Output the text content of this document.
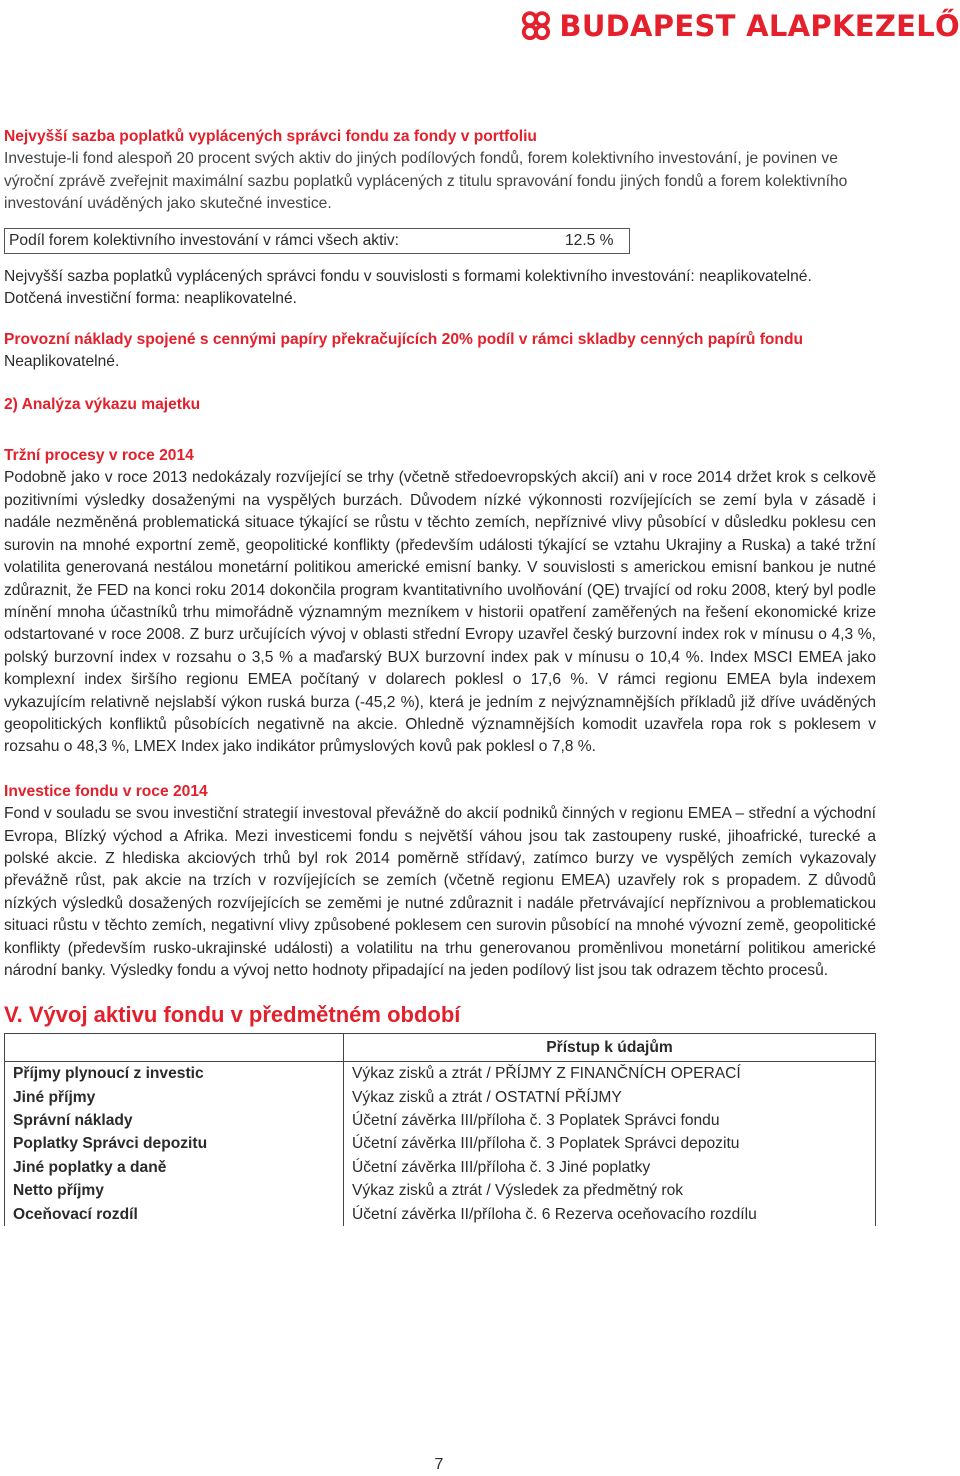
BUDAPEST ALAPKEZELŐ

Nejvyšší sazba poplatků vyplácených správci fondu za fondy v portfoliu

Investuje-li fond alespoň 20 procent svých aktiv do jiných podílových fondů, forem kolektivního investování, je povinen ve výroční zprávě zveřejnit maximální sazbu poplatků vyplácených z titulu spravování fondu jiných fondů a forem kolektivního investování uváděných jako skutečné investice.

Podíl forem kolektivního investování v rámci všech aktiv:	12.5 %

Nejvyšší sazba poplatků vyplácených správci fondu v souvislosti s formami kolektivního investování: neaplikovatelné.

Dotčená investiční forma: neaplikovatelné.

Provozní náklady spojené s cennými papíry překračujících 20% podíl v rámci skladby cenných papírů fondu

Neaplikovatelné.

2) Analýza výkazu majetku

Tržní procesy v roce 2014

Podobně jako v roce 2013 nedokázaly rozvíjející se trhy (včetně středoevropských akcií) ani v roce 2014 držet krok s celkově pozitivními výsledky dosaženými na vyspělých burzách. Důvodem nízké výkonnosti rozvíjejících se zemí byla v zásadě i nadále nezměněná problematická situace týkající se růstu v těchto zemích, nepříznivé vlivy působící v důsledku poklesu cen surovin na mnohé exportní země, geopolitické konflikty (především události týkající se vztahu Ukrajiny a Ruska) a také tržní volatilita generovaná nestálou monetární politikou americké emisní banky. V souvislosti s americkou emisní bankou je nutné zdůraznit, že FED na konci roku 2014 dokončila program kvantitativního uvolňování (QE) trvající od roku 2008, který byl podle mínění mnoha účastníků trhu mimořádně významným mezníkem v historii opatření zaměřených na řešení ekonomické krize odstartované v roce 2008. Z burz určujících vývoj v oblasti střední Evropy uzavřel český burzovní index rok v mínusu o 4,3 %, polský burzovní index v rozsahu o 3,5 % a maďarský BUX burzovní index pak v mínusu o 10,4 %. Index MSCI EMEA jako komplexní index širšího regionu EMEA počítaný v dolarech poklesl o 17,6 %. V rámci regionu EMEA byla indexem vykazujícím relativně nejslabší výkon ruská burza (-45,2 %), která je jedním z nejvýznamnějších příkladů již dříve uváděných geopolitických konfliktů působících negativně na akcie. Ohledně významnějších komodit uzavřela ropa rok s poklesem v rozsahu o 48,3 %, LMEX Index jako indikátor průmyslových kovů pak poklesl o 7,8 %.

Investice fondu v roce 2014

Fond v souladu se svou investiční strategií investoval převážně do akcií podniků činných v regionu EMEA – střední a východní Evropa, Blízký východ a Afrika. Mezi investicemi fondu s největší váhou jsou tak zastoupeny ruské, jihoafrické, turecké a polské akcie. Z hlediska akciových trhů byl rok 2014 poměrně střídavý, zatímco burzy ve vyspělých zemích vykazovaly převážně růst, pak akcie na trzích v rozvíjejících se zemích (včetně regionu EMEA) uzavřely rok s propadem. Z důvodů nízkých výsledků dosažených rozvíjejících se zeměmi je nutné zdůraznit i nadále přetrvávající nepříznivou a problematickou situaci růstu v těchto zemích, negativní vlivy způsobené poklesem cen surovin působící na mnohé vývozní země, geopolitické konflikty (především rusko-ukrajinské události) a volatilitu na trhu generovanou proměnlivou monetární politikou americké národní banky. Výsledky fondu a vývoj netto hodnoty připadající na jeden podílový list jsou tak odrazem těchto procesů.

V. Vývoj aktivu fondu v předmětném období
	Přístup k údajům
Příjmy plynoucí z investic	Výkaz zisků a ztrát / PŘÍJMY Z FINANČNÍCH OPERACÍ
Jiné příjmy	Výkaz zisků a ztrát / OSTATNÍ PŘÍJMY
Správní náklady	Účetní závěrka III/příloha č. 3 Poplatek Správci fondu
Poplatky Správci depozitu	Účetní závěrka III/příloha č. 3 Poplatek Správci depozitu
Jiné poplatky a daně	Účetní závěrka III/příloha č. 3 Jiné poplatky
Netto příjmy	Výkaz zisků a ztrát / Výsledek za předmětný rok
Oceňovací rozdíl	Účetní závěrka II/příloha č. 6 Rezerva oceňovacího rozdílu
7
